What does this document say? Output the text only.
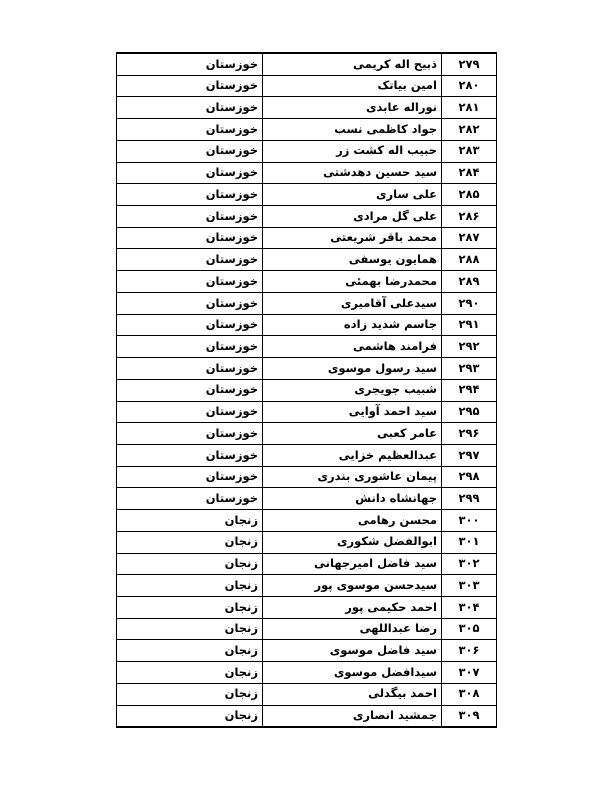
۲۷۹	ذبیح اله کریمی	خوزستان
۲۸۰	امین بیاتک	خوزستان
۲۸۱	نوراله عابدی	خوزستان
۲۸۲	جواد کاظمی نسب	خوزستان
۲۸۳	حبیب اله کشت زر	خوزستان
۲۸۴	سید حسین دهدشتی	خوزستان
۲۸۵	علی ساری	خوزستان
۲۸۶	علی گل مرادی	خوزستان
۲۸۷	محمد باقر شریعتی	خوزستان
۲۸۸	همایون یوسفی	خوزستان
۲۸۹	محمدرضا بهمئی	خوزستان
۲۹۰	سیدعلی آقامیری	خوزستان
۲۹۱	جاسم شدید زاده	خوزستان
۲۹۲	فرامند هاشمی	خوزستان
۲۹۳	سید رسول موسوی	خوزستان
۲۹۴	شبیب جویجری	خوزستان
۲۹۵	سید احمد آوایی	خوزستان
۲۹۶	عامر کعبی	خوزستان
۲۹۷	عبدالعظیم خزایی	خوزستان
۲۹۸	پیمان عاشوری بندری	خوزستان
۲۹۹	جهانشاه دانش	خوزستان
۳۰۰	محسن رهامی	زنجان
۳۰۱	ابوالفضل شکوری	زنجان
۳۰۲	سید فاضل امیرجهانی	زنجان
۳۰۳	سیدحسن موسوی پور	زنجان
۳۰۴	احمد حکیمی پور	زنجان
۳۰۵	رضا عبداللهی	زنجان
۳۰۶	سید فاضل موسوی	زنجان
۳۰۷	سیدافضل موسوی	زنجان
۳۰۸	احمد بیگدلی	زنجان
۳۰۹	جمشید انصاری	زنجان
